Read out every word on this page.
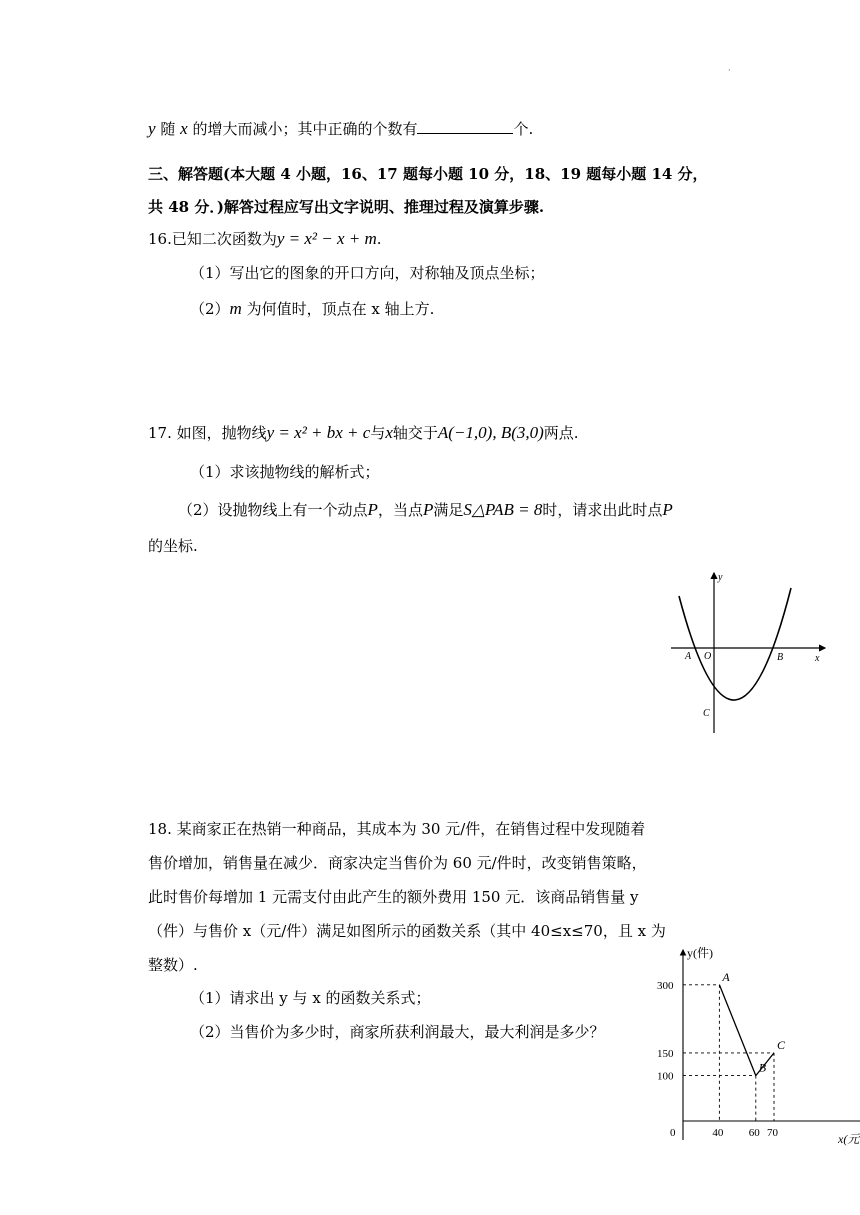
·
y 随 x 的增大而减小；其中正确的个数有	个.
三、解答题(本大题 4 小题，16、17 题每小题 10 分，18、19 题每小题 14 分，
共 48 分．)解答过程应写出文字说明、推理过程及演算步骤.
16.已知二次函数为y = x² − x + m.
（1）写出它的图象的开口方向，对称轴及顶点坐标；
（2）m 为何值时，顶点在 x 轴上方.
17. 如图，抛物线y = x² + bx + c与x轴交于A(−1,0), B(3,0)两点.
（1）求该抛物线的解析式；
（2）设抛物线上有一个动点P，当点P满足S△PAB = 8时，请求出此时点P
的坐标.
y
x
O
A	B
C
18. 某商家正在热销一种商品，其成本为 30 元/件，在销售过程中发现随着
售价增加，销售量在减少．商家决定当售价为 60 元/件时，改变销售策略，
此时售价每增加 1 元需支付由此产生的额外费用 150 元．该商品销售量 y
（件）与售价 x（元/件）满足如图所示的函数关系（其中 40≤x≤70，且 x 为
整数）.
（1）请求出 y 与 x 的函数关系式；
（2）当售价为多少时，商家所获利润最大，最大利润是多少？
y(件)
x(元
0
A
B
C
40 60 70
300
150
100
